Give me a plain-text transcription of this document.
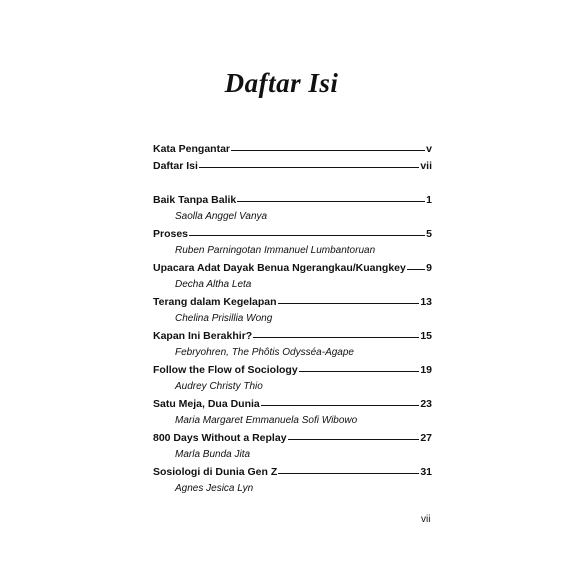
Daftar Isi
Kata Pengantar	v
Daftar Isi	vii
Baik Tanpa Balik	1
Saolla Anggel Vanya
Proses	5
Ruben Parningotan Immanuel Lumbantoruan
Upacara Adat Dayak Benua Ngerangkau/Kuangkey 9
Decha Altha Leta
Terang dalam Kegelapan	13
Chelina Prisillia Wong
Kapan Ini Berakhir?	15
Febryohren, The Phôtis Odysséa-Agape
Follow the Flow of Sociology	19
Audrey Christy Thio
Satu Meja, Dua Dunia	23
Maria Margaret Emmanuela Sofi Wibowo
800 Days Without a Replay	27
Marla Bunda Jita
Sosiologi di Dunia Gen Z	31
Agnes Jesica Lyn
vii
